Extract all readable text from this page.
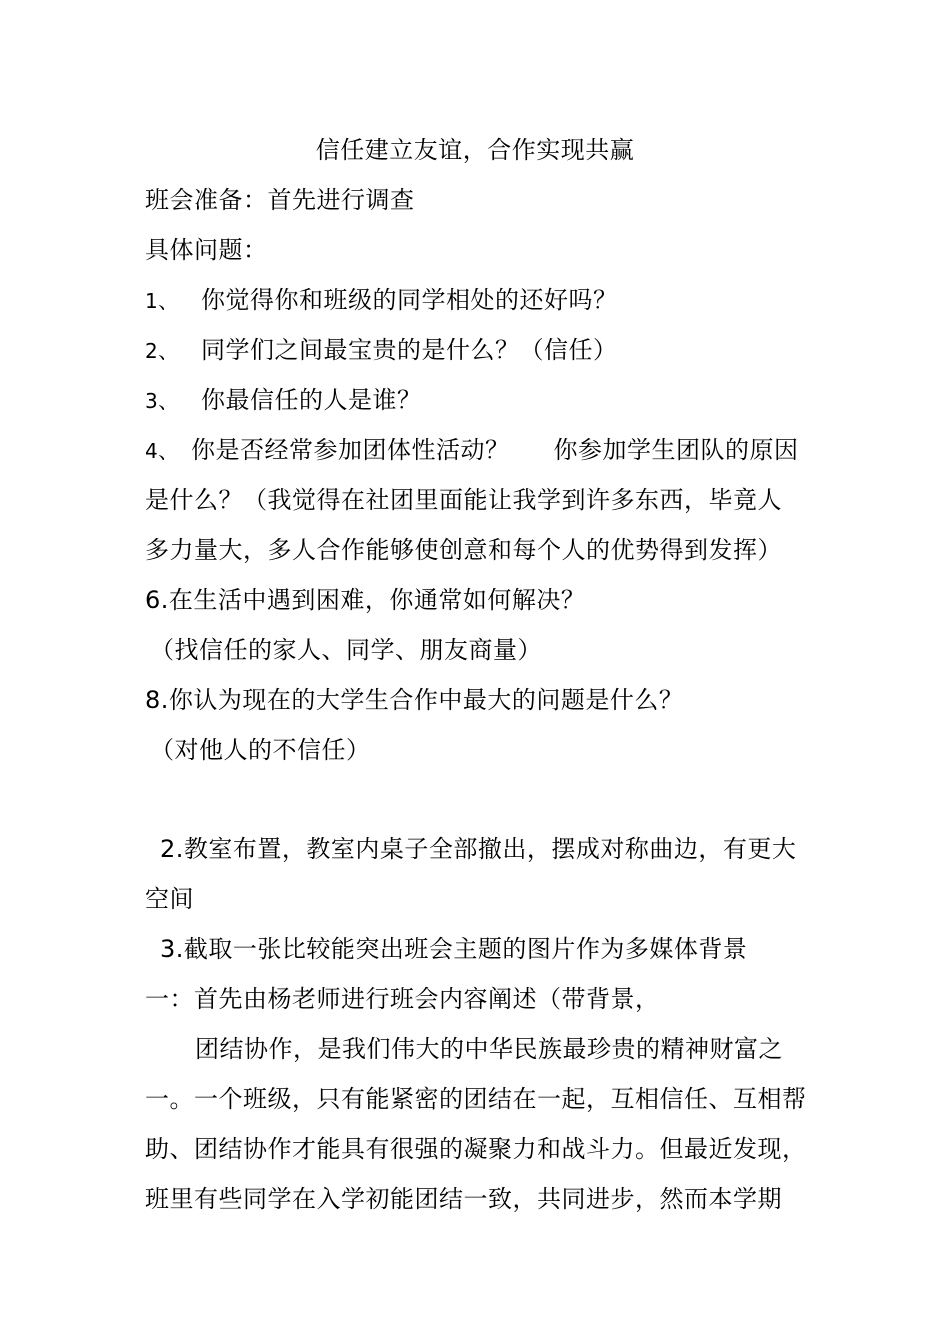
信任建立友谊，合作实现共赢
班会准备：首先进行调查
具体问题：
1、 你觉得你和班级的同学相处的还好吗？
2、 同学们之间最宝贵的是什么？（信任）
3、 你最信任的人是谁？
4、 你是否经常参加团体性活动？ 你参加学生团队的原因
是什么？（我觉得在社团里面能让我学到许多东西，毕竟人
多力量大，多人合作能够使创意和每个人的优势得到发挥）
6.在生活中遇到困难，你通常如何解决？
（找信任的家人、同学、朋友商量）
8.你认为现在的大学生合作中最大的问题是什么？
（对他人的不信任）
2.教室布置，教室内桌子全部撤出，摆成对称曲边，有更大
空间
3.截取一张比较能突出班会主题的图片作为多媒体背景
一：首先由杨老师进行班会内容阐述（带背景，
团结协作，是我们伟大的中华民族最珍贵的精神财富之
一。一个班级，只有能紧密的团结在一起，互相信任、互相帮
助、团结协作才能具有很强的凝聚力和战斗力。但最近发现，
班里有些同学在入学初能团结一致，共同进步，然而本学期
